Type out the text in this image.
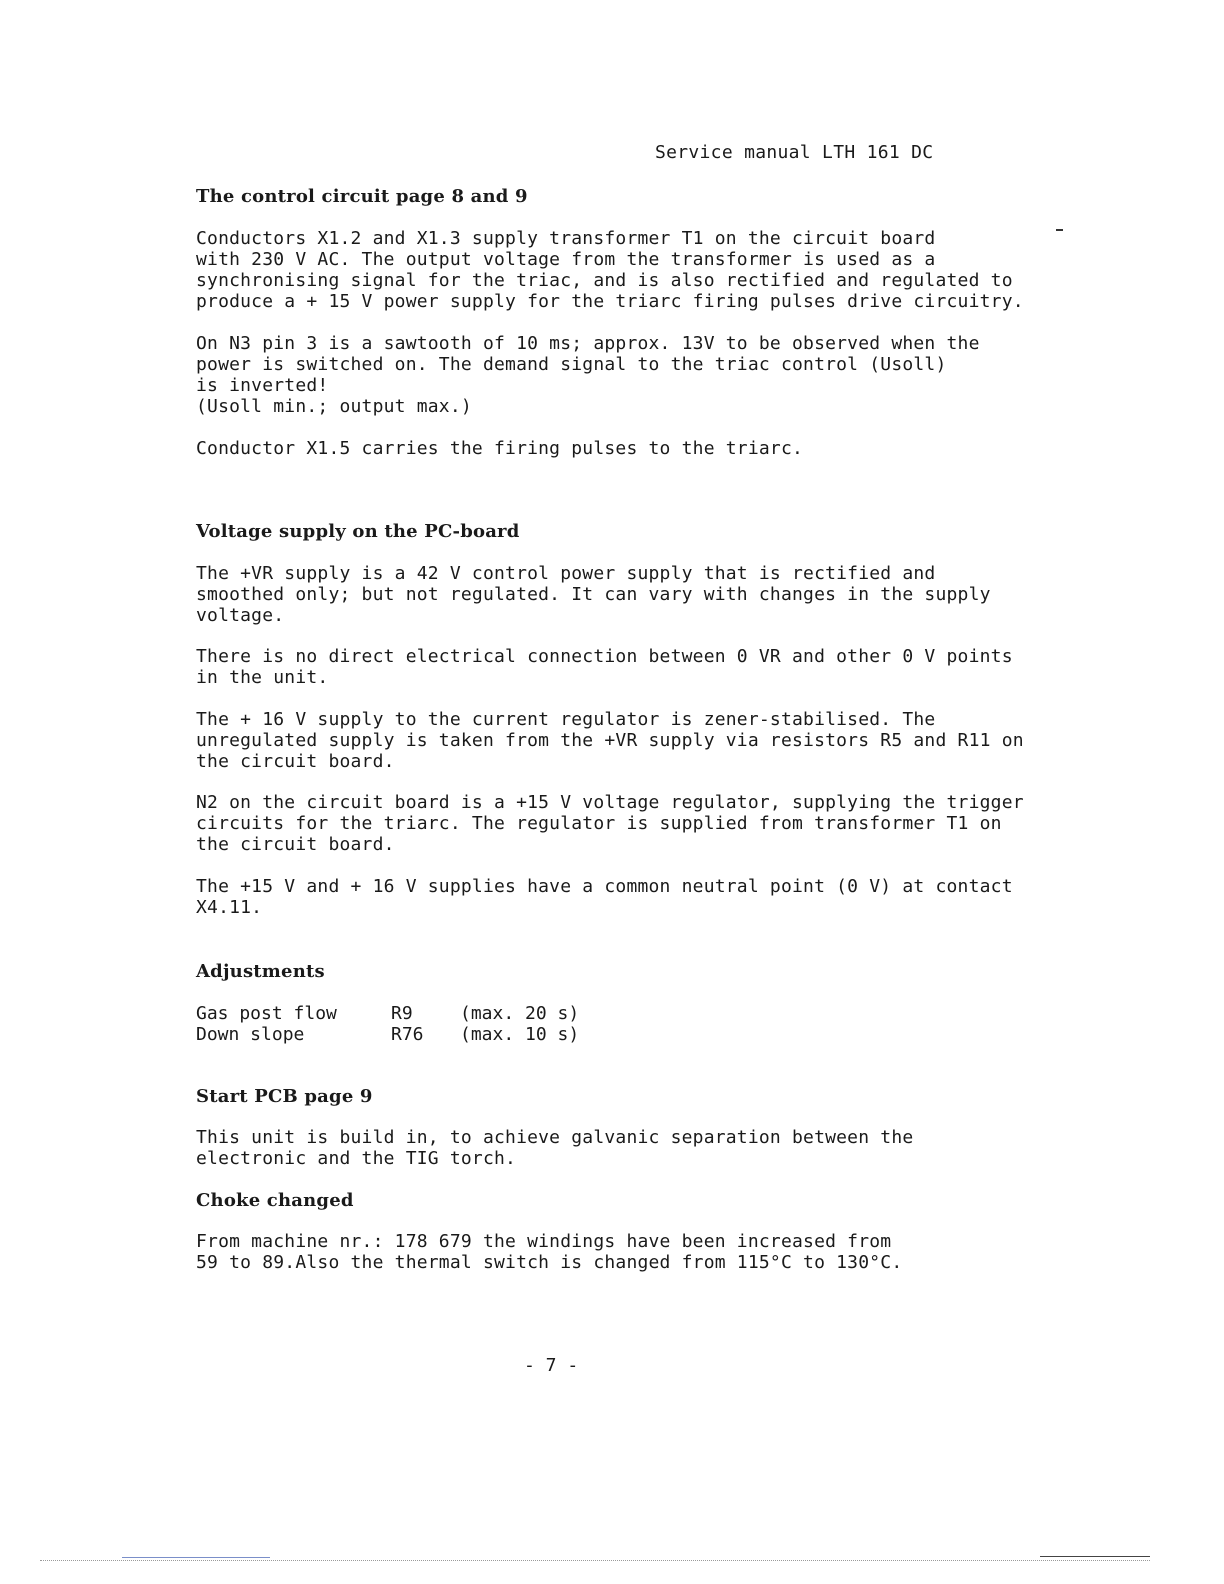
Service manual LTH 161 DC
The control circuit page 8 and 9
Conductors X1.2 and X1.3 supply transformer T1 on the circuit board
with 230 V AC. The output voltage from the transformer is used as a
synchronising signal for the triac, and is also rectified and regulated to
produce a + 15 V power supply for the triarc firing pulses drive circuitry.
On N3 pin 3 is a sawtooth of 10 ms; approx. 13V to be observed when the
power is switched on. The demand signal to the triac control (Usoll)
is inverted!
(Usoll min.; output max.)
Conductor X1.5 carries the firing pulses to the triarc.
Voltage supply on the PC-board
The +VR supply is a 42 V control power supply that is rectified and
smoothed only; but not regulated. It can vary with changes in the supply
voltage.
There is no direct electrical connection between 0 VR and other 0 V points
in the unit.
The + 16 V supply to the current regulator is zener-stabilised. The
unregulated supply is taken from the +VR supply via resistors R5 and R11 on
the circuit board.
N2 on the circuit board is a +15 V voltage regulator, supplying the trigger
circuits for the triarc. The regulator is supplied from transformer T1 on
the circuit board.
The +15 V and + 16 V supplies have a common neutral point (0 V) at contact
X4.11.
Adjustments
Gas post flow	R9	(max. 20 s)
Down slope	R76	(max. 10 s)
Start PCB page 9
This unit is build in, to achieve galvanic separation between the
electronic and the TIG torch.
Choke changed
From machine nr.: 178 679 the windings have been increased from
59 to 89.Also the thermal switch is changed from 115°C to 130°C.
- 7 -
